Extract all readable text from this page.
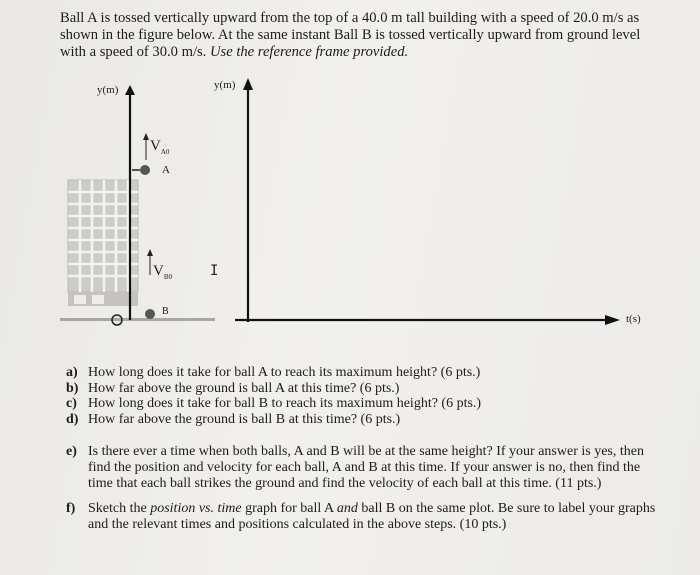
Ball A is tossed vertically upward from the top of a 40.0 m tall building with a speed of 20.0 m/s as
shown in the figure below. At the same instant Ball B is tossed vertically upward from ground level
with a speed of 30.0 m/s. Use the reference frame provided.
y(m)	y(m)
$V_{A0}$
A
$V_{B0}$
B
I
t(s)
a) How long does it take for ball A to reach its maximum height? (6 pts.)
b) How far above the ground is ball A at this time? (6 pts.)
c) How long does it take for ball B to reach its maximum height? (6 pts.)
d) How far above the ground is ball B at this time? (6 pts.)
e) Is there ever a time when both balls, A and B will be at the same height? If your answer is yes, then find the position and velocity for each ball, A and B at this time. If your answer is no, then find the time that each ball strikes the ground and find the velocity of each ball at this time. (11 pts.)
f) Sketch the position vs. time graph for ball A and ball B on the same plot. Be sure to label your graphs and the relevant times and positions calculated in the above steps. (10 pts.)
